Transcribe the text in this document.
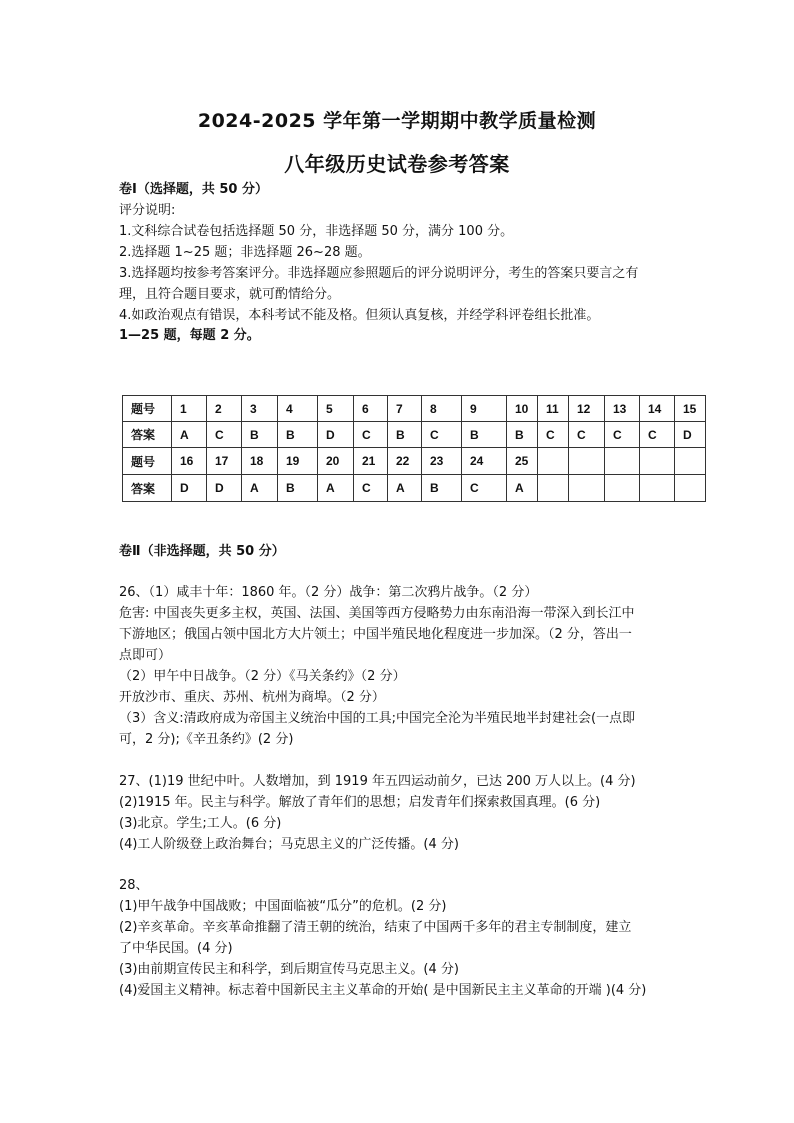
2024-2025 学年第一学期期中教学质量检测
八年级历史试卷参考答案
卷Ⅰ（选择题，共 50 分）
评分说明:
1.文科综合试卷包括选择题 50 分，非选择题 50 分，满分 100 分。
2.选择题 1~25 题；非选择题 26~28 题。
3.选择题均按参考答案评分。非选择题应参照题后的评分说明评分，考生的答案只要言之有
理，且符合题目要求，就可酌情给分。
4.如政治观点有错误，本科考试不能及格。但须认真复核，并经学科评卷组长批准。
1—25 题，每题 2 分。
题号	1	2	3	4	5	6	7	8	9	10	11	12	13	14	15
答案	A	C	B	B	D	C	B	C	B	B	C	C	C	C	D
题号	16	17	18	19	20	21	22	23	24	25					
答案	D	D	A	B	A	C	A	B	C	A					
卷Ⅱ（非选择题，共 50 分）
26、（1）咸丰十年：1860 年。（2 分）战争：第二次鸦片战争。（2 分）
危害: 中国丧失更多主权，英国、法国、美国等西方侵略势力由东南沿海一带深入到长江中
下游地区；俄国占领中国北方大片领土；中国半殖民地化程度进一步加深。（2 分，答出一
点即可）
（2）甲午中日战争。（2 分）《马关条约》（2 分）
开放沙市、重庆、苏州、杭州为商埠。（2 分）
（3）含义:清政府成为帝国主义统治中国的工具;中国完全沦为半殖民地半封建社会(一点即
可，2 分);《辛丑条约》(2 分)
27、(1)19 世纪中叶。人数增加，到 1919 年五四运动前夕，已达 200 万人以上。(4 分)
(2)1915 年。民主与科学。解放了青年们的思想；启发青年们探索救国真理。(6 分)
(3)北京。学生;工人。(6 分)
(4)工人阶级登上政治舞台；马克思主义的广泛传播。(4 分)
28、
(1)甲午战争中国战败；中国面临被“瓜分”的危机。(2 分)
(2)辛亥革命。辛亥革命推翻了清王朝的统治，结束了中国两千多年的君主专制制度，建立
了中华民国。(4 分)
(3)由前期宣传民主和科学，到后期宣传马克思主义。(4 分)
(4)爱国主义精神。标志着中国新民主主义革命的开始( 是中国新民主主义革命的开端 )(4 分)
